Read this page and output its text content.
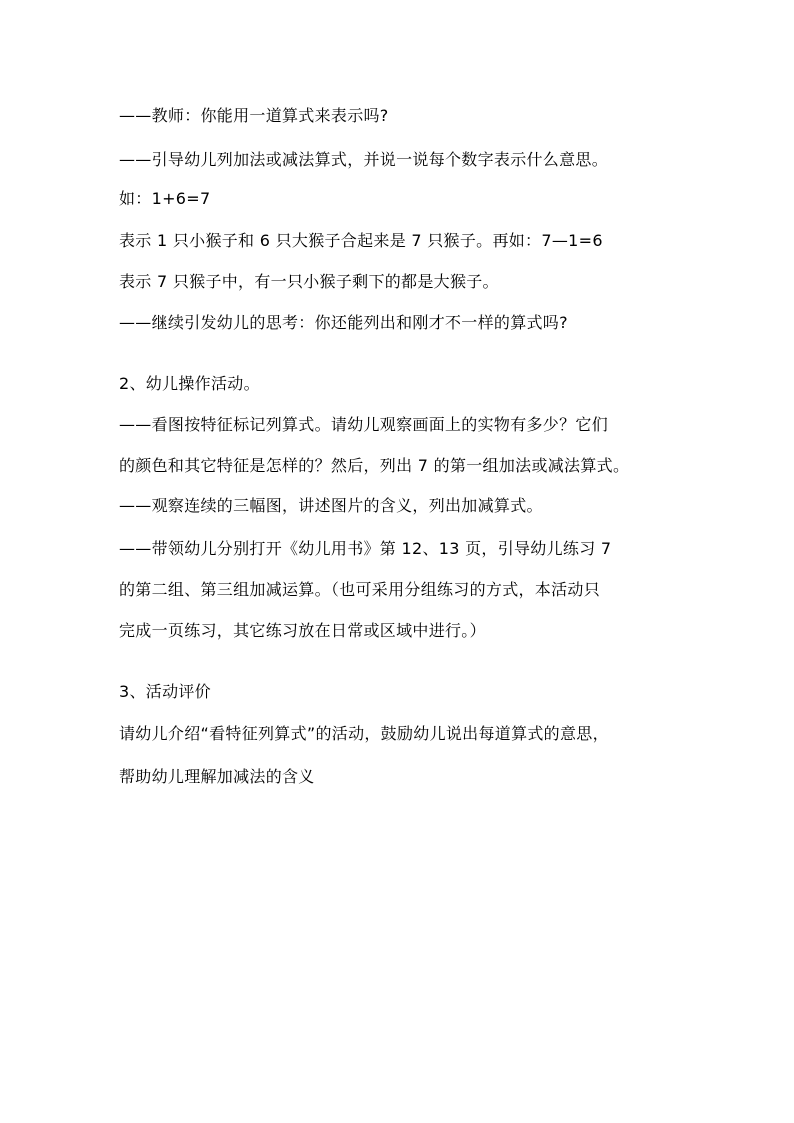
——教师：你能用一道算式来表示吗?
——引导幼儿列加法或减法算式，并说一说每个数字表示什么意思。
如：1+6=7
表示 1 只小猴子和 6 只大猴子合起来是 7 只猴子。再如：7—1=6
表示 7 只猴子中，有一只小猴子剩下的都是大猴子。
——继续引发幼儿的思考：你还能列出和刚才不一样的算式吗?
2、幼儿操作活动。
——看图按特征标记列算式。请幼儿观察画面上的实物有多少？它们
的颜色和其它特征是怎样的？然后，列出 7 的第一组加法或减法算式。
——观察连续的三幅图，讲述图片的含义，列出加减算式。
——带领幼儿分别打开《幼儿用书》第 12、13 页，引导幼儿练习 7
的第二组、第三组加减运算。（也可采用分组练习的方式，本活动只
完成一页练习，其它练习放在日常或区域中进行。）
3、活动评价
请幼儿介绍“看特征列算式”的活动，鼓励幼儿说出每道算式的意思，
帮助幼儿理解加减法的含义
